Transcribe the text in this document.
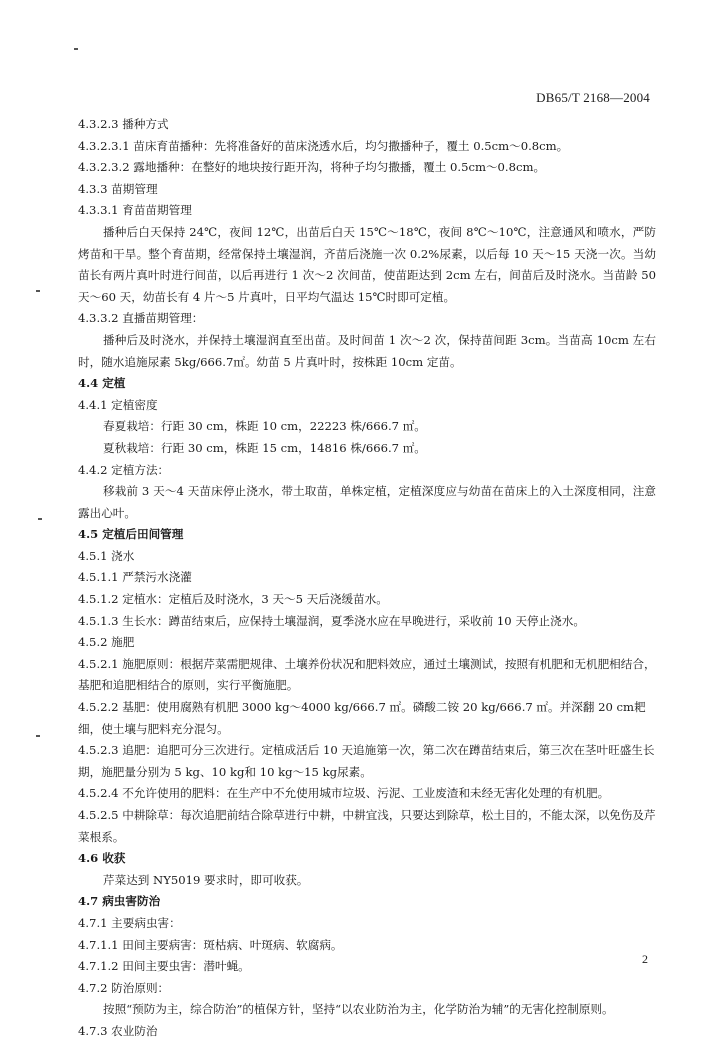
DB65/T 2168—2004

4.3.2.3 播种方式

4.3.2.3.1 苗床育苗播种：先将准备好的苗床浇透水后，均匀撒播种子，覆土 0.5cm～0.8cm。

4.3.2.3.2 露地播种：在整好的地块按行距开沟，将种子均匀撒播，覆土 0.5cm～0.8cm。

4.3.3 苗期管理

4.3.3.1 育苗苗期管理

播种后白天保持 24℃，夜间 12℃，出苗后白天 15℃～18℃，夜间 8℃～10℃，注意通风和喷水，严防烤苗和干旱。整个育苗期，经常保持土壤湿润，齐苗后浇施一次 0.2%尿素，以后每 10 天～15 天浇一次。当幼苗长有两片真叶时进行间苗，以后再进行 1 次～2 次间苗，使苗距达到 2cm 左右，间苗后及时浇水。当苗龄 50 天～60 天，幼苗长有 4 片～5 片真叶，日平均气温达 15℃时即可定植。

4.3.3.2 直播苗期管理：

播种后及时浇水，并保持土壤湿润直至出苗。及时间苗 1 次～2 次，保持苗间距 3cm。当苗高 10cm 左右时，随水追施尿素 5kg/666.7㎡。幼苗 5 片真叶时，按株距 10cm 定苗。

4.4 定植

4.4.1 定植密度

春夏栽培：行距 30 cm，株距 10 cm，22223 株/666.7 ㎡。

夏秋栽培：行距 30 cm，株距 15 cm，14816 株/666.7 ㎡。

4.4.2 定植方法：

移栽前 3 天～4 天苗床停止浇水，带土取苗，单株定植，定植深度应与幼苗在苗床上的入土深度相同，注意露出心叶。

4.5 定植后田间管理

4.5.1 浇水

4.5.1.1 严禁污水浇灌

4.5.1.2 定植水：定植后及时浇水，3 天～5 天后浇缓苗水。

4.5.1.3 生长水：蹲苗结束后，应保持土壤湿润，夏季浇水应在早晚进行，采收前 10 天停止浇水。

4.5.2 施肥

4.5.2.1 施肥原则：根据芹菜需肥规律、土壤养份状况和肥料效应，通过土壤测试，按照有机肥和无机肥相结合，基肥和追肥相结合的原则，实行平衡施肥。

4.5.2.2 基肥：使用腐熟有机肥 3000 kg～4000 kg/666.7 ㎡。磷酸二铵 20 kg/666.7 ㎡。并深翻 20 cm耙细，使土壤与肥料充分混匀。

4.5.2.3 追肥：追肥可分三次进行。定植成活后 10 天追施第一次，第二次在蹲苗结束后，第三次在茎叶旺盛生长期，施肥量分别为 5 kg、10 kg和 10 kg～15 kg尿素。

4.5.2.4 不允许使用的肥料：在生产中不允使用城市垃圾、污泥、工业废渣和未经无害化处理的有机肥。

4.5.2.5 中耕除草：每次追肥前结合除草进行中耕，中耕宜浅，只要达到除草，松土目的，不能太深，以免伤及芹菜根系。

4.6 收获

芹菜达到 NY5019 要求时，即可收获。

4.7 病虫害防治

4.7.1 主要病虫害：

4.7.1.1 田间主要病害：斑枯病、叶斑病、软腐病。

4.7.1.2 田间主要虫害：潜叶蝇。

4.7.2 防治原则：

按照“预防为主，综合防治”的植保方针，坚持“以农业防治为主，化学防治为辅”的无害化控制原则。

4.7.3 农业防治

2
